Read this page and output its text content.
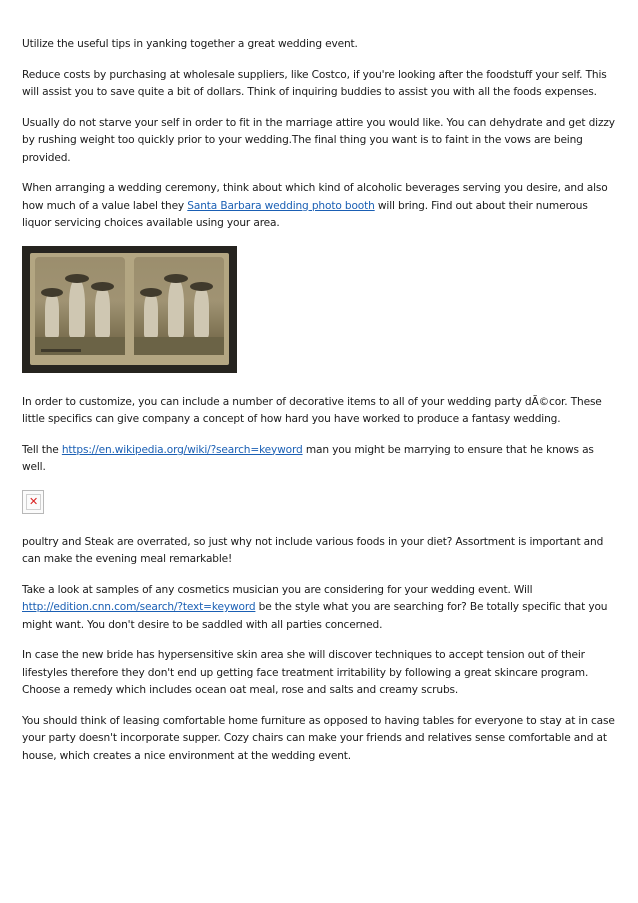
Utilize the useful tips in yanking together a great wedding event.

Reduce costs by purchasing at wholesale suppliers, like Costco, if you're looking after the foodstuff your self. This will assist you to save quite a bit of dollars. Think of inquiring buddies to assist you with all the foods expenses.

Usually do not starve your self in order to fit in the marriage attire you would like. You can dehydrate and get dizzy by rushing weight too quickly prior to your wedding.The final thing you want is to faint in the vows are being provided.

When arranging a wedding ceremony, think about which kind of alcoholic beverages serving you desire, and also how much of a value label they Santa Barbara wedding photo booth will bring. Find out about their numerous liquor servicing choices available using your area.

In order to customize, you can include a number of decorative items to all of your wedding party dÃ©cor. These little specifics can give company a concept of how hard you have worked to produce a fantasy wedding.

Tell the https://en.wikipedia.org/wiki/?search=keyword man you might be marrying to ensure that he knows as well.

✕

poultry and Steak are overrated, so just why not include various foods in your diet? Assortment is important and can make the evening meal remarkable!

Take a look at samples of any cosmetics musician you are considering for your wedding event. Will http://edition.cnn.com/search/?text=keyword be the style what you are searching for? Be totally specific that you might want. You don't desire to be saddled with all parties concerned.

In case the new bride has hypersensitive skin area she will discover techniques to accept tension out of their lifestyles therefore they don't end up getting face treatment irritability by following a great skincare program. Choose a remedy which includes ocean oat meal, rose and salts and creamy scrubs.

You should think of leasing comfortable home furniture as opposed to having tables for everyone to stay at in case your party doesn't incorporate supper. Cozy chairs can make your friends and relatives sense comfortable and at house, which creates a nice environment at the wedding event.
